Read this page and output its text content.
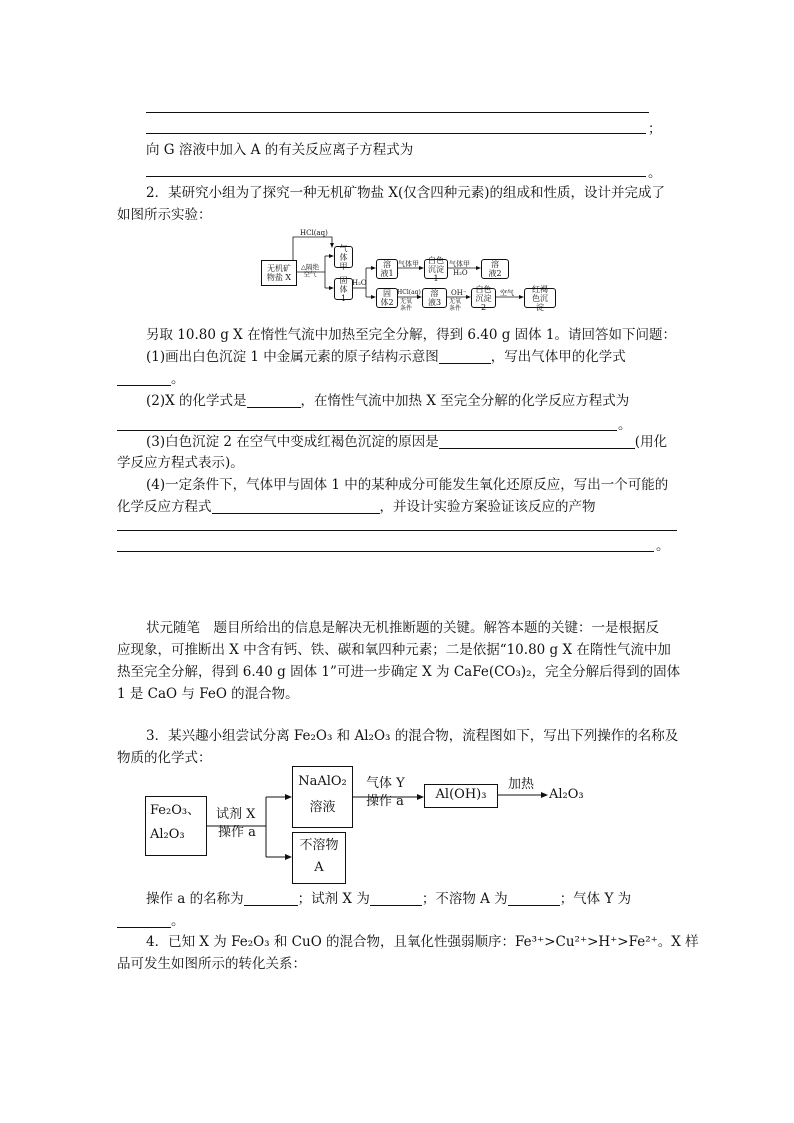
；
向 G 溶液中加入 A 的有关反应离子方程式为
。
2．某研究小组为了探究一种无机矿物盐 X(仅含四种元素)的组成和性质，设计并完成了
如图所示实验：
无机矿物盐 X
HCl(aq)
气体甲
△隔绝空气
固体1
H₂O
溶液1
气体甲 白色沉淀1
气体甲
H₂O
溶液2
固体2
HCl(aq)
无氧条件
溶液3
OH⁻
无氧条件
白色沉淀2
空气	红褐色沉淀
另取 10.80 g X 在惰性气流中加热至完全分解，得到 6.40 g 固体 1。请回答如下问题：
(1)画出白色沉淀 1 中金属元素的原子结构示意图	，写出气体甲的化学式
。
(2)X 的化学式是	，在惰性气流中加热 X 至完全分解的化学反应方程式为
。
(3)白色沉淀 2 在空气中变成红褐色沉淀的原因是	(用化
学反应方程式表示)。
(4)一定条件下，气体甲与固体 1 中的某种成分可能发生氧化还原反应，写出一个可能的
化学反应方程式	，并设计实验方案验证该反应的产物
。
状元随笔　题目所给出的信息是解决无机推断题的关键。解答本题的关键：一是根据反
应现象，可推断出 X 中含有钙、铁、碳和氧四种元素；二是依据“10.80 g X 在隋性气流中加
热至完全分解，得到 6.40 g 固体 1”可进一步确定 X 为 CaFe(CO₃)₂，完全分解后得到的固体
1 是 CaO 与 FeO 的混合物。
3．某兴趣小组尝试分离 Fe₂O₃ 和 Al₂O₃ 的混合物，流程图如下，写出下列操作的名称及
物质的化学式：
Fe₂O₃、
Al₂O₃
试剂 X
操作 a
NaAlO₂
溶液
气体 Y
操作 a	Al(OH)₃
加热
Al₂O₃
不溶物
A
操作 a 的名称为	；试剂 X 为	；不溶物 A 为	；气体 Y 为
。
4．已知 X 为 Fe₂O₃ 和 CuO 的混合物，且氧化性强弱顺序：Fe³⁺>Cu²⁺>H⁺>Fe²⁺。X 样
品可发生如图所示的转化关系：
